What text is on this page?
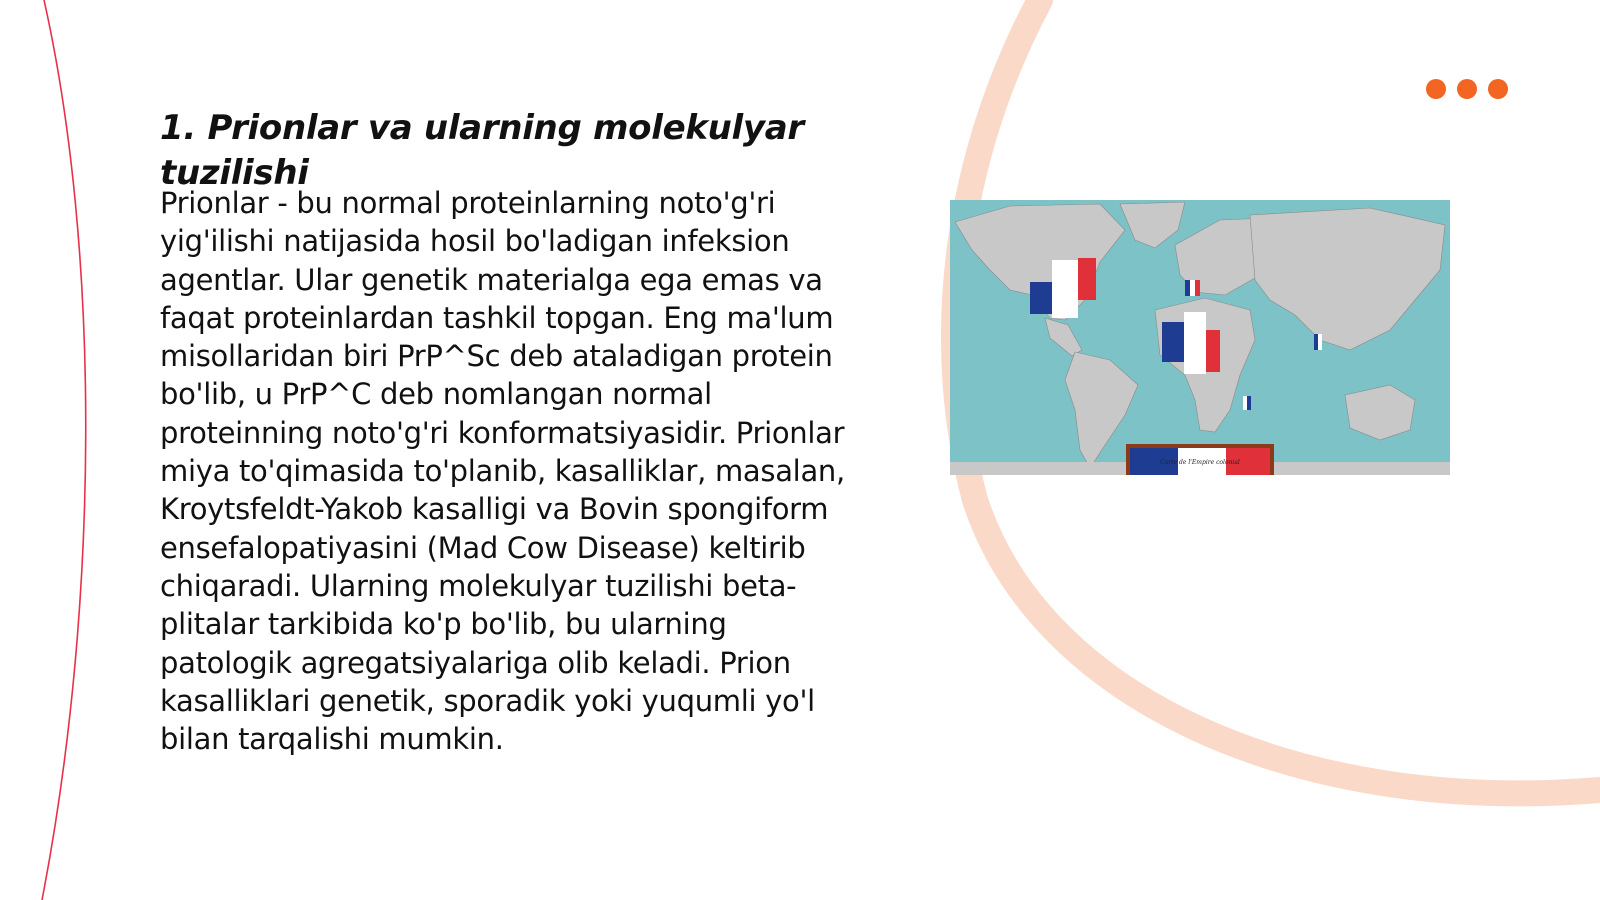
1. Prionlar va ularning molekulyar tuzilishi
Prionlar - bu normal proteinlarning noto'g'ri yig'ilishi natijasida hosil bo'ladigan infeksion agentlar. Ular genetik materialga ega emas va faqat proteinlardan tashkil topgan. Eng ma'lum misollaridan biri PrP^Sc deb ataladigan protein bo'lib, u PrP^C deb nomlangan normal proteinning noto'g'ri konformatsiyasidir. Prionlar miya to'qimasida to'planib, kasalliklar, masalan, Kroytsfeldt-Yakob kasalligi va Bovin spongiform ensefalopatiyasini (Mad Cow Disease) keltirib chiqaradi. Ularning molekulyar tuzilishi beta-plitalar tarkibida ko'p bo'lib, bu ularning patologik agregatsiyalariga olib keladi. Prion kasalliklari genetik, sporadik yoki yuqumli yo'l bilan tarqalishi mumkin.
Carte de l'Empire colonial
